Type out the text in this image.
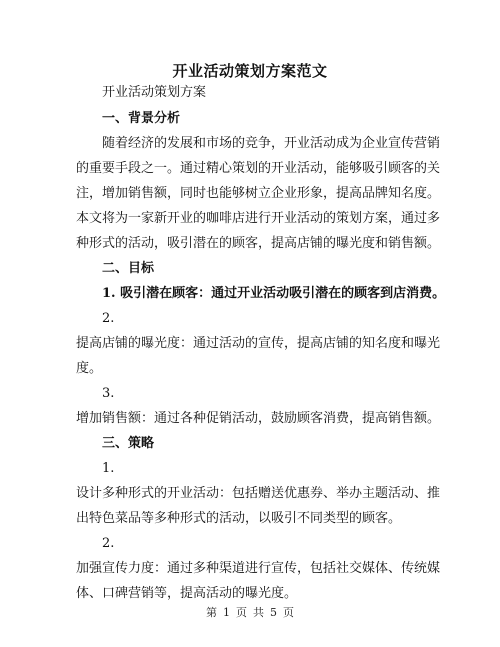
开业活动策划方案范文
开业活动策划方案
一、背景分析
随着经济的发展和市场的竞争，开业活动成为企业宣传营销
的重要手段之一。通过精心策划的开业活动，能够吸引顾客的关
注，增加销售额，同时也能够树立企业形象，提高品牌知名度。
本文将为一家新开业的咖啡店进行开业活动的策划方案，通过多
种形式的活动，吸引潜在的顾客，提高店铺的曝光度和销售额。
二、目标
1. 吸引潜在顾客：通过开业活动吸引潜在的顾客到店消费。
2.
提高店铺的曝光度：通过活动的宣传，提高店铺的知名度和曝光
度。
3.
增加销售额：通过各种促销活动，鼓励顾客消费，提高销售额。
三、策略
1.
设计多种形式的开业活动：包括赠送优惠券、举办主题活动、推
出特色菜品等多种形式的活动，以吸引不同类型的顾客。
2.
加强宣传力度：通过多种渠道进行宣传，包括社交媒体、传统媒
体、口碑营销等，提高活动的曝光度。
第 1 页 共 5 页
